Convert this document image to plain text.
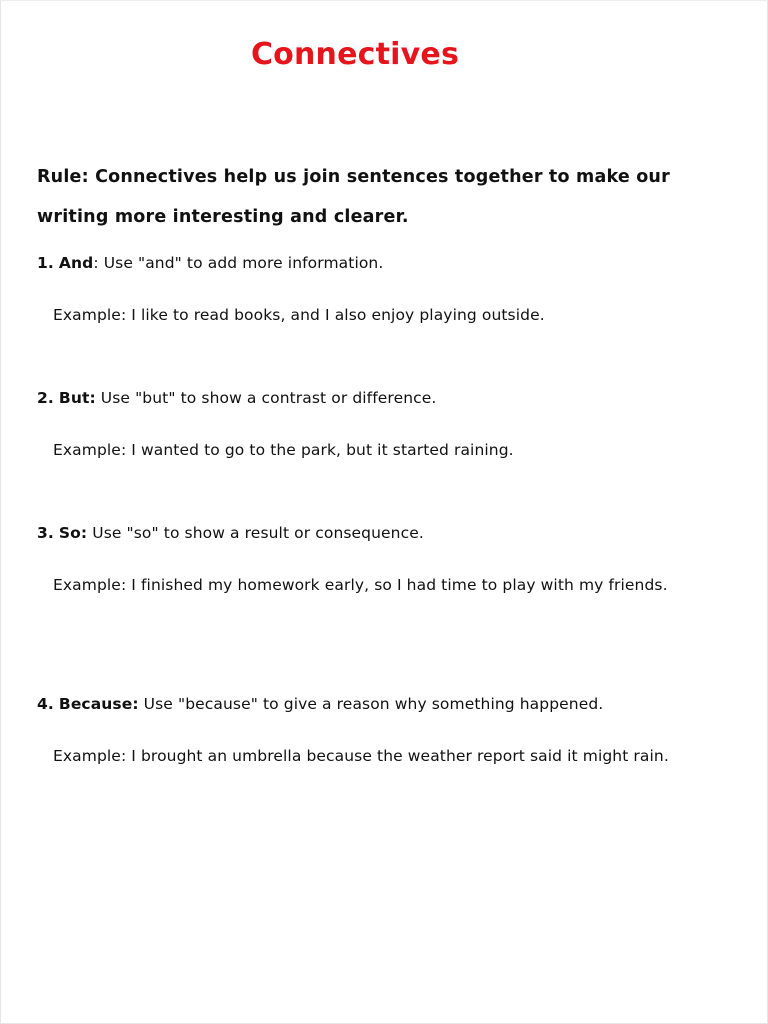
Connectives
Rule: Connectives help us join sentences together to make our writing more interesting and clearer.
1. And: Use "and" to add more information.
Example: I like to read books, and I also enjoy playing outside.
2. But: Use "but" to show a contrast or difference.
Example: I wanted to go to the park, but it started raining.
3. So: Use "so" to show a result or consequence.
Example: I finished my homework early, so I had time to play with my friends.
4. Because: Use "because" to give a reason why something happened.
Example: I brought an umbrella because the weather report said it might rain.
